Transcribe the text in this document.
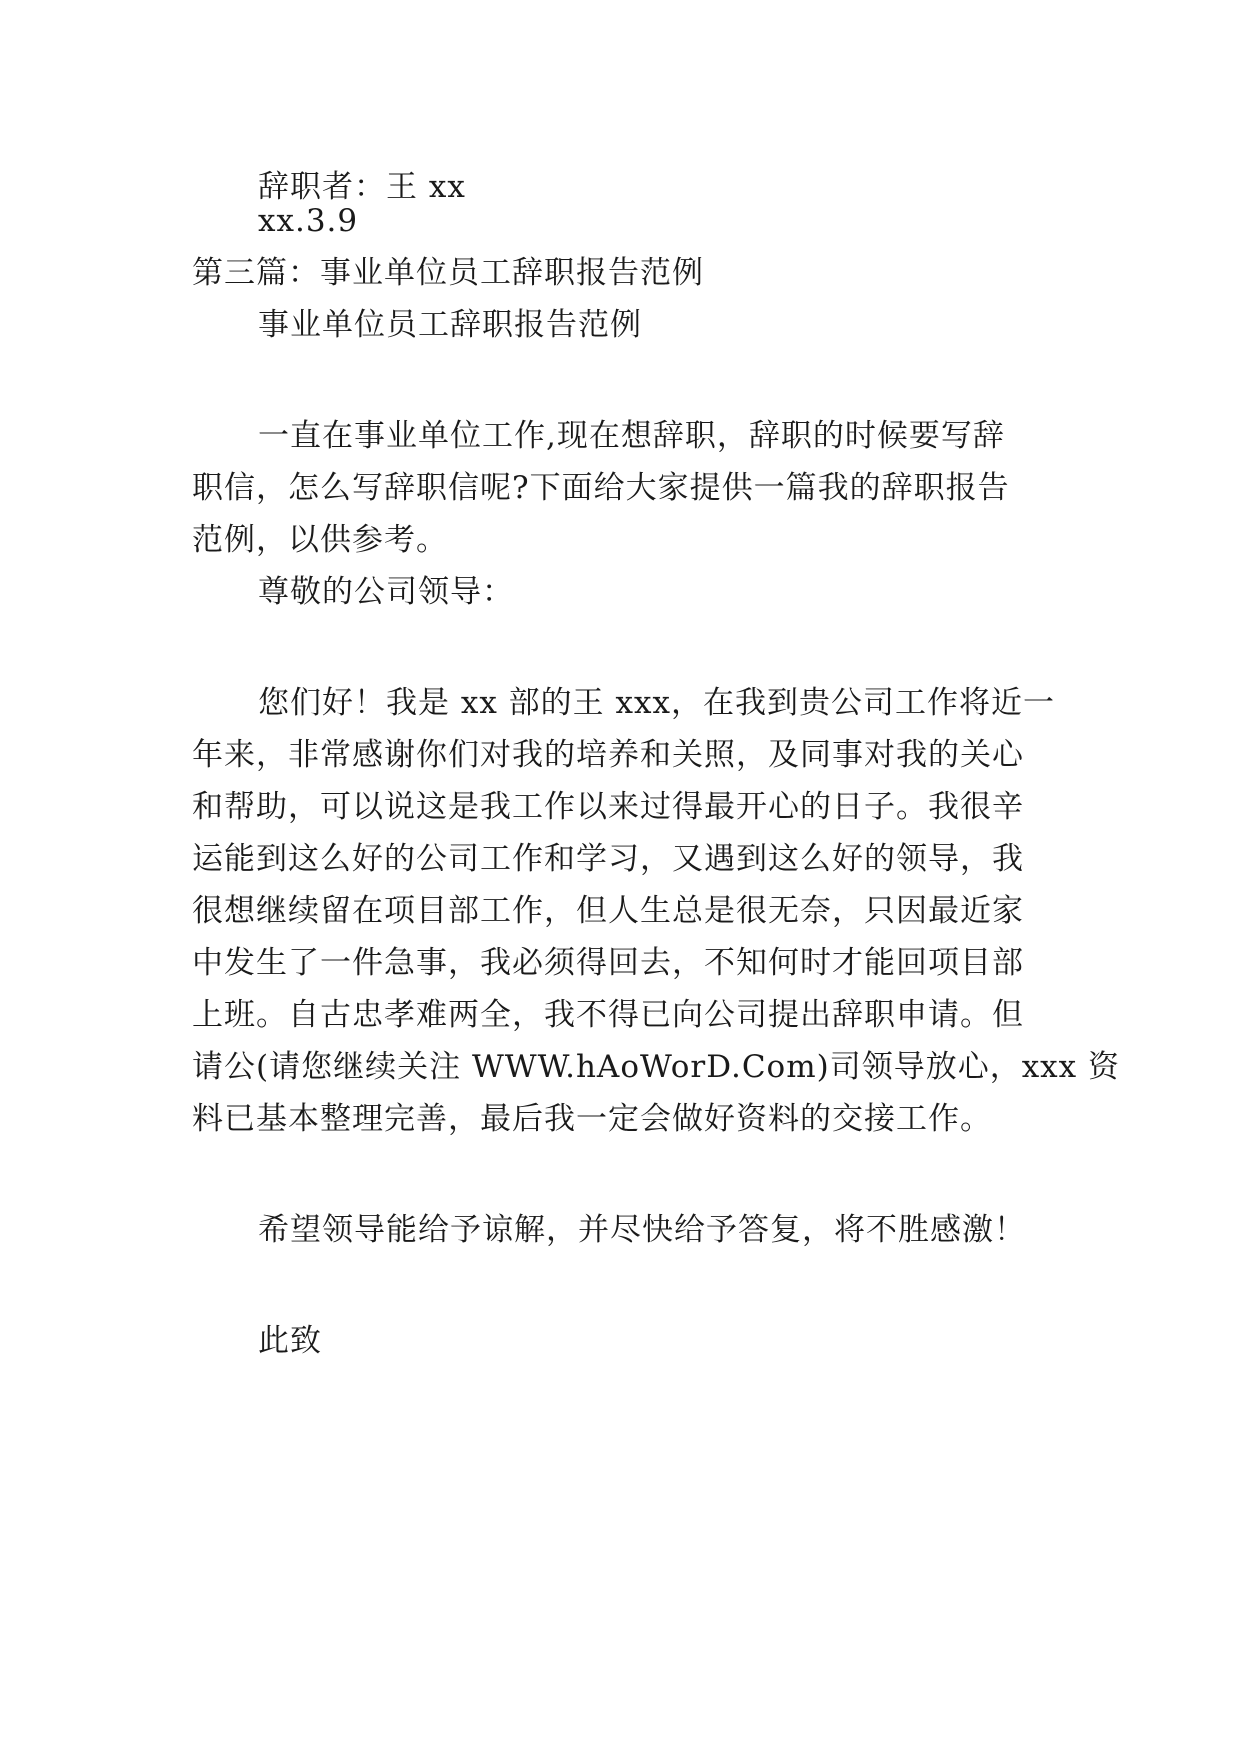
辞职者：王 xx
xx.3.9
第三篇：事业单位员工辞职报告范例
事业单位员工辞职报告范例
一直在事业单位工作,现在想辞职，辞职的时候要写辞
职信，怎么写辞职信呢?下面给大家提供一篇我的辞职报告
范例，以供参考。
尊敬的公司领导：
您们好！我是 xx 部的王 xxx，在我到贵公司工作将近一
年来，非常感谢你们对我的培养和关照，及同事对我的关心
和帮助，可以说这是我工作以来过得最开心的日子。我很辛
运能到这么好的公司工作和学习，又遇到这么好的领导，我
很想继续留在项目部工作，但人生总是很无奈，只因最近家
中发生了一件急事，我必须得回去，不知何时才能回项目部
上班。自古忠孝难两全，我不得已向公司提出辞职申请。但
请公(请您继续关注 WWW.hAoWorD.Com)司领导放心，xxx 资
料已基本整理完善，最后我一定会做好资料的交接工作。
希望领导能给予谅解，并尽快给予答复，将不胜感激！
此致
